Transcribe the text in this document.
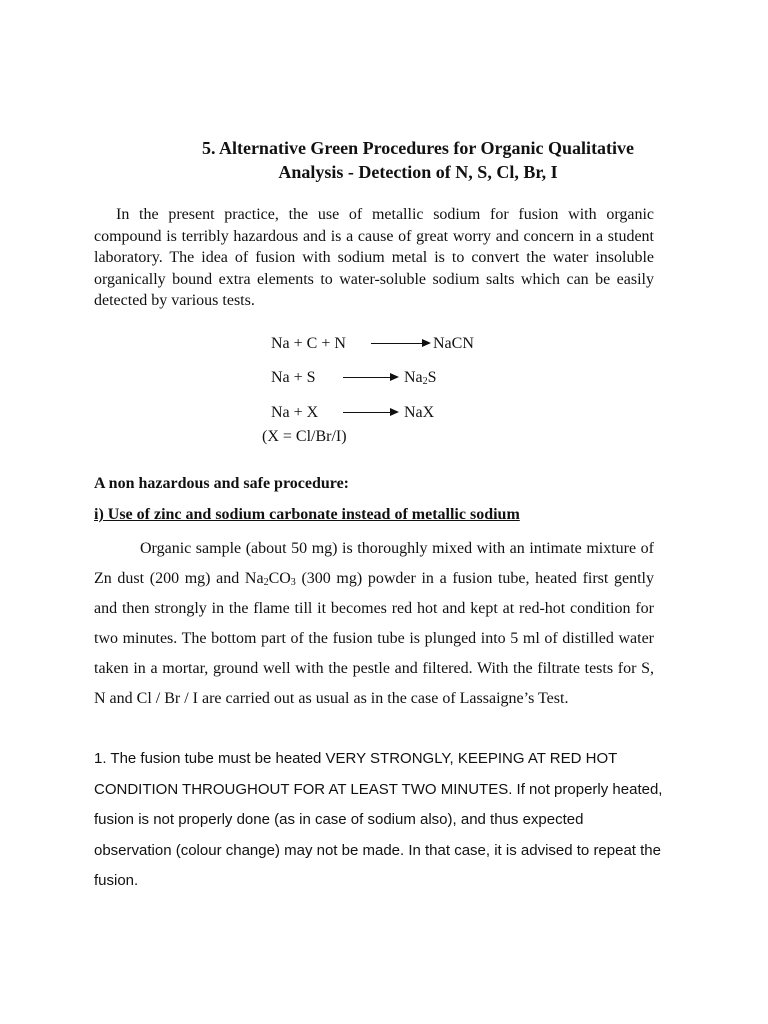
5. Alternative Green Procedures for Organic Qualitative
Analysis - Detection of N, S, Cl, Br, I
In the present practice, the use of metallic sodium for fusion with organic compound is terribly hazardous and is a cause of great worry and concern in a student laboratory. The idea of fusion with sodium metal is to convert the water insoluble organically bound extra elements to water-soluble sodium salts which can be easily detected by various tests.
Na + C + N → NaCN
$Na + S \to Na_2S$
Na + X → NaX
(X = Cl/Br/I)
A non hazardous and safe procedure:
i) Use of zinc and sodium carbonate instead of metallic sodium
Organic sample (about 50 mg) is thoroughly mixed with an intimate mixture of Zn dust (200 mg) and $Na_2CO_3$ (300 mg) powder in a fusion tube, heated first gently and then strongly in the flame till it becomes red hot and kept at red-hot condition for two minutes. The bottom part of the fusion tube is plunged into 5 ml of distilled water taken in a mortar, ground well with the pestle and filtered. With the filtrate tests for S, N and Cl / Br / I are carried out as usual as in the case of Lassaigne’s Test.
1. The fusion tube must be heated VERY STRONGLY, KEEPING AT RED HOT CONDITION THROUGHOUT FOR AT LEAST TWO MINUTES. If not properly heated, fusion is not properly done (as in case of sodium also), and thus expected observation (colour change) may not be made. In that case, it is advised to repeat the fusion.
